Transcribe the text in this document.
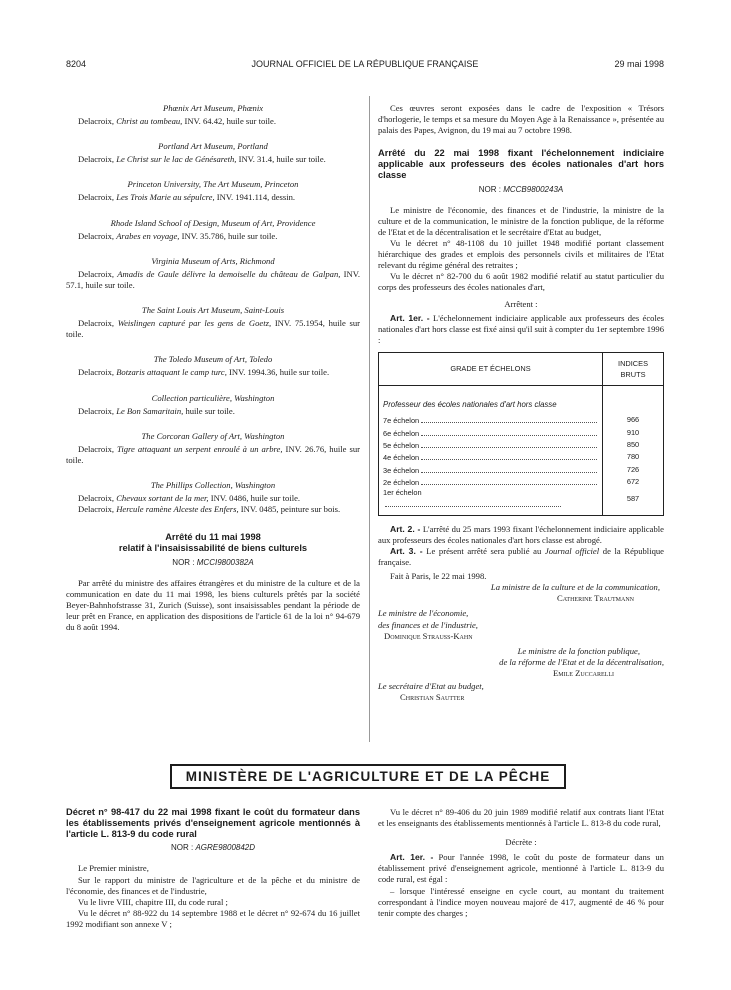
8204	JOURNAL OFFICIEL DE LA RÉPUBLIQUE FRANÇAISE	29 mai 1998

Phœnix Art Museum, Phœnix

Delacroix, Christ au tombeau, INV. 64.42, huile sur toile.

Portland Art Museum, Portland

Delacroix, Le Christ sur le lac de Génésareth, INV. 31.4, huile sur toile.

Princeton University, The Art Museum, Princeton

Delacroix, Les Trois Marie au sépulcre, INV. 1941.114, dessin.

Rhode Island School of Design, Museum of Art, Providence

Delacroix, Arabes en voyage, INV. 35.786, huile sur toile.

Virginia Museum of Arts, Richmond

Delacroix, Amadis de Gaule délivre la demoiselle du château de Galpan, INV. 57.1, huile sur toile.

The Saint Louis Art Museum, Saint-Louis

Delacroix, Weislingen capturé par les gens de Goetz, INV. 75.1954, huile sur toile.

The Toledo Museum of Art, Toledo

Delacroix, Botzaris attaquant le camp turc, INV. 1994.36, huile sur toile.

Collection particulière, Washington

Delacroix, Le Bon Samaritain, huile sur toile.

The Corcoran Gallery of Art, Washington

Delacroix, Tigre attaquant un serpent enroulé à un arbre, INV. 26.76, huile sur toile.

The Phillips Collection, Washington

Delacroix, Chevaux sortant de la mer, INV. 0486, huile sur toile.

Delacroix, Hercule ramène Alceste des Enfers, INV. 0485, peinture sur bois.

Arrêté du 11 mai 1998

relatif à l'insaisissabilité de biens culturels

NOR : MCCI9800382A

Par arrêté du ministre des affaires étrangères et du ministre de la culture et de la communication en date du 11 mai 1998, les biens culturels prêtés par la société Beyer-Bahnhofstrasse 31, Zurich (Suisse), sont insaisissables pendant la période de leur prêt en France, en application des dispositions de l'article 61 de la loi n° 94-679 du 8 août 1994.

Ces œuvres seront exposées dans le cadre de l'exposition « Trésors d'horlogerie, le temps et sa mesure du Moyen Age à la Renaissance », présentée au palais des Papes, Avignon, du 19 mai au 7 octobre 1998.

Arrêté du 22 mai 1998 fixant l'échelonnement indiciaire applicable aux professeurs des écoles nationales d'art hors classe

NOR : MCCB9800243A

Le ministre de l'économie, des finances et de l'industrie, la ministre de la culture et de la communication, le ministre de la fonction publique, de la réforme de l'Etat et de la décentralisation et le secrétaire d'Etat au budget,

Vu le décret n° 48-1108 du 10 juillet 1948 modifié portant classement hiérarchique des grades et emplois des personnels civils et militaires de l'Etat relevant du régime général des retraites ;

Vu le décret n° 82-700 du 6 août 1982 modifié relatif au statut particulier du corps des professeurs des écoles nationales d'art,

Arrêtent :

Art. 1er. - L'échelonnement indiciaire applicable aux professeurs des écoles nationales d'art hors classe est fixé ainsi qu'il suit à compter du 1er septembre 1996 :

GRADE ET ÉCHELONS	INDICES BRUTS
Professeur des écoles nationales d'art hors classe	
7e échelon	966
6e échelon	910
5e échelon	850
4e échelon	780
3e échelon	726
2e échelon	672
1er échelon	587

Art. 2. - L'arrêté du 25 mars 1993 fixant l'échelonnement indiciaire applicable aux professeurs des écoles nationales d'art hors classe est abrogé.

Art. 3. - Le présent arrêté sera publié au Journal officiel de la République française.

Fait à Paris, le 22 mai 1998.

La ministre de la culture et de la communication,

Catherine Trautmann

Le ministre de l'économie,

des finances et de l'industrie,

Dominique Strauss-Kahn

Le ministre de la fonction publique,

de la réforme de l'Etat et de la décentralisation,

Emile Zuccarelli

Le secrétaire d'Etat au budget,

Christian Sautter

MINISTÈRE DE L'AGRICULTURE ET DE LA PÊCHE

Décret n° 98-417 du 22 mai 1998 fixant le coût du formateur dans les établissements privés d'enseignement agricole mentionnés à l'article L. 813-9 du code rural

NOR : AGRE9800842D

Le Premier ministre,

Sur le rapport du ministre de l'agriculture et de la pêche et du ministre de l'économie, des finances et de l'industrie,

Vu le livre VIII, chapitre III, du code rural ;

Vu le décret n° 88-922 du 14 septembre 1988 et le décret n° 92-674 du 16 juillet 1992 modifiant son annexe V ;

Vu le décret n° 89-406 du 20 juin 1989 modifié relatif aux contrats liant l'Etat et les enseignants des établissements mentionnés à l'article L. 813-8 du code rural,

Décrète :

Art. 1er. - Pour l'année 1998, le coût du poste de formateur dans un établissement privé d'enseignement agricole, mentionné à l'article L. 813-9 du code rural, est égal :

– lorsque l'intéressé enseigne en cycle court, au montant du traitement correspondant à l'indice moyen nouveau majoré de 417, augmenté de 46 % pour tenir compte des charges ;
